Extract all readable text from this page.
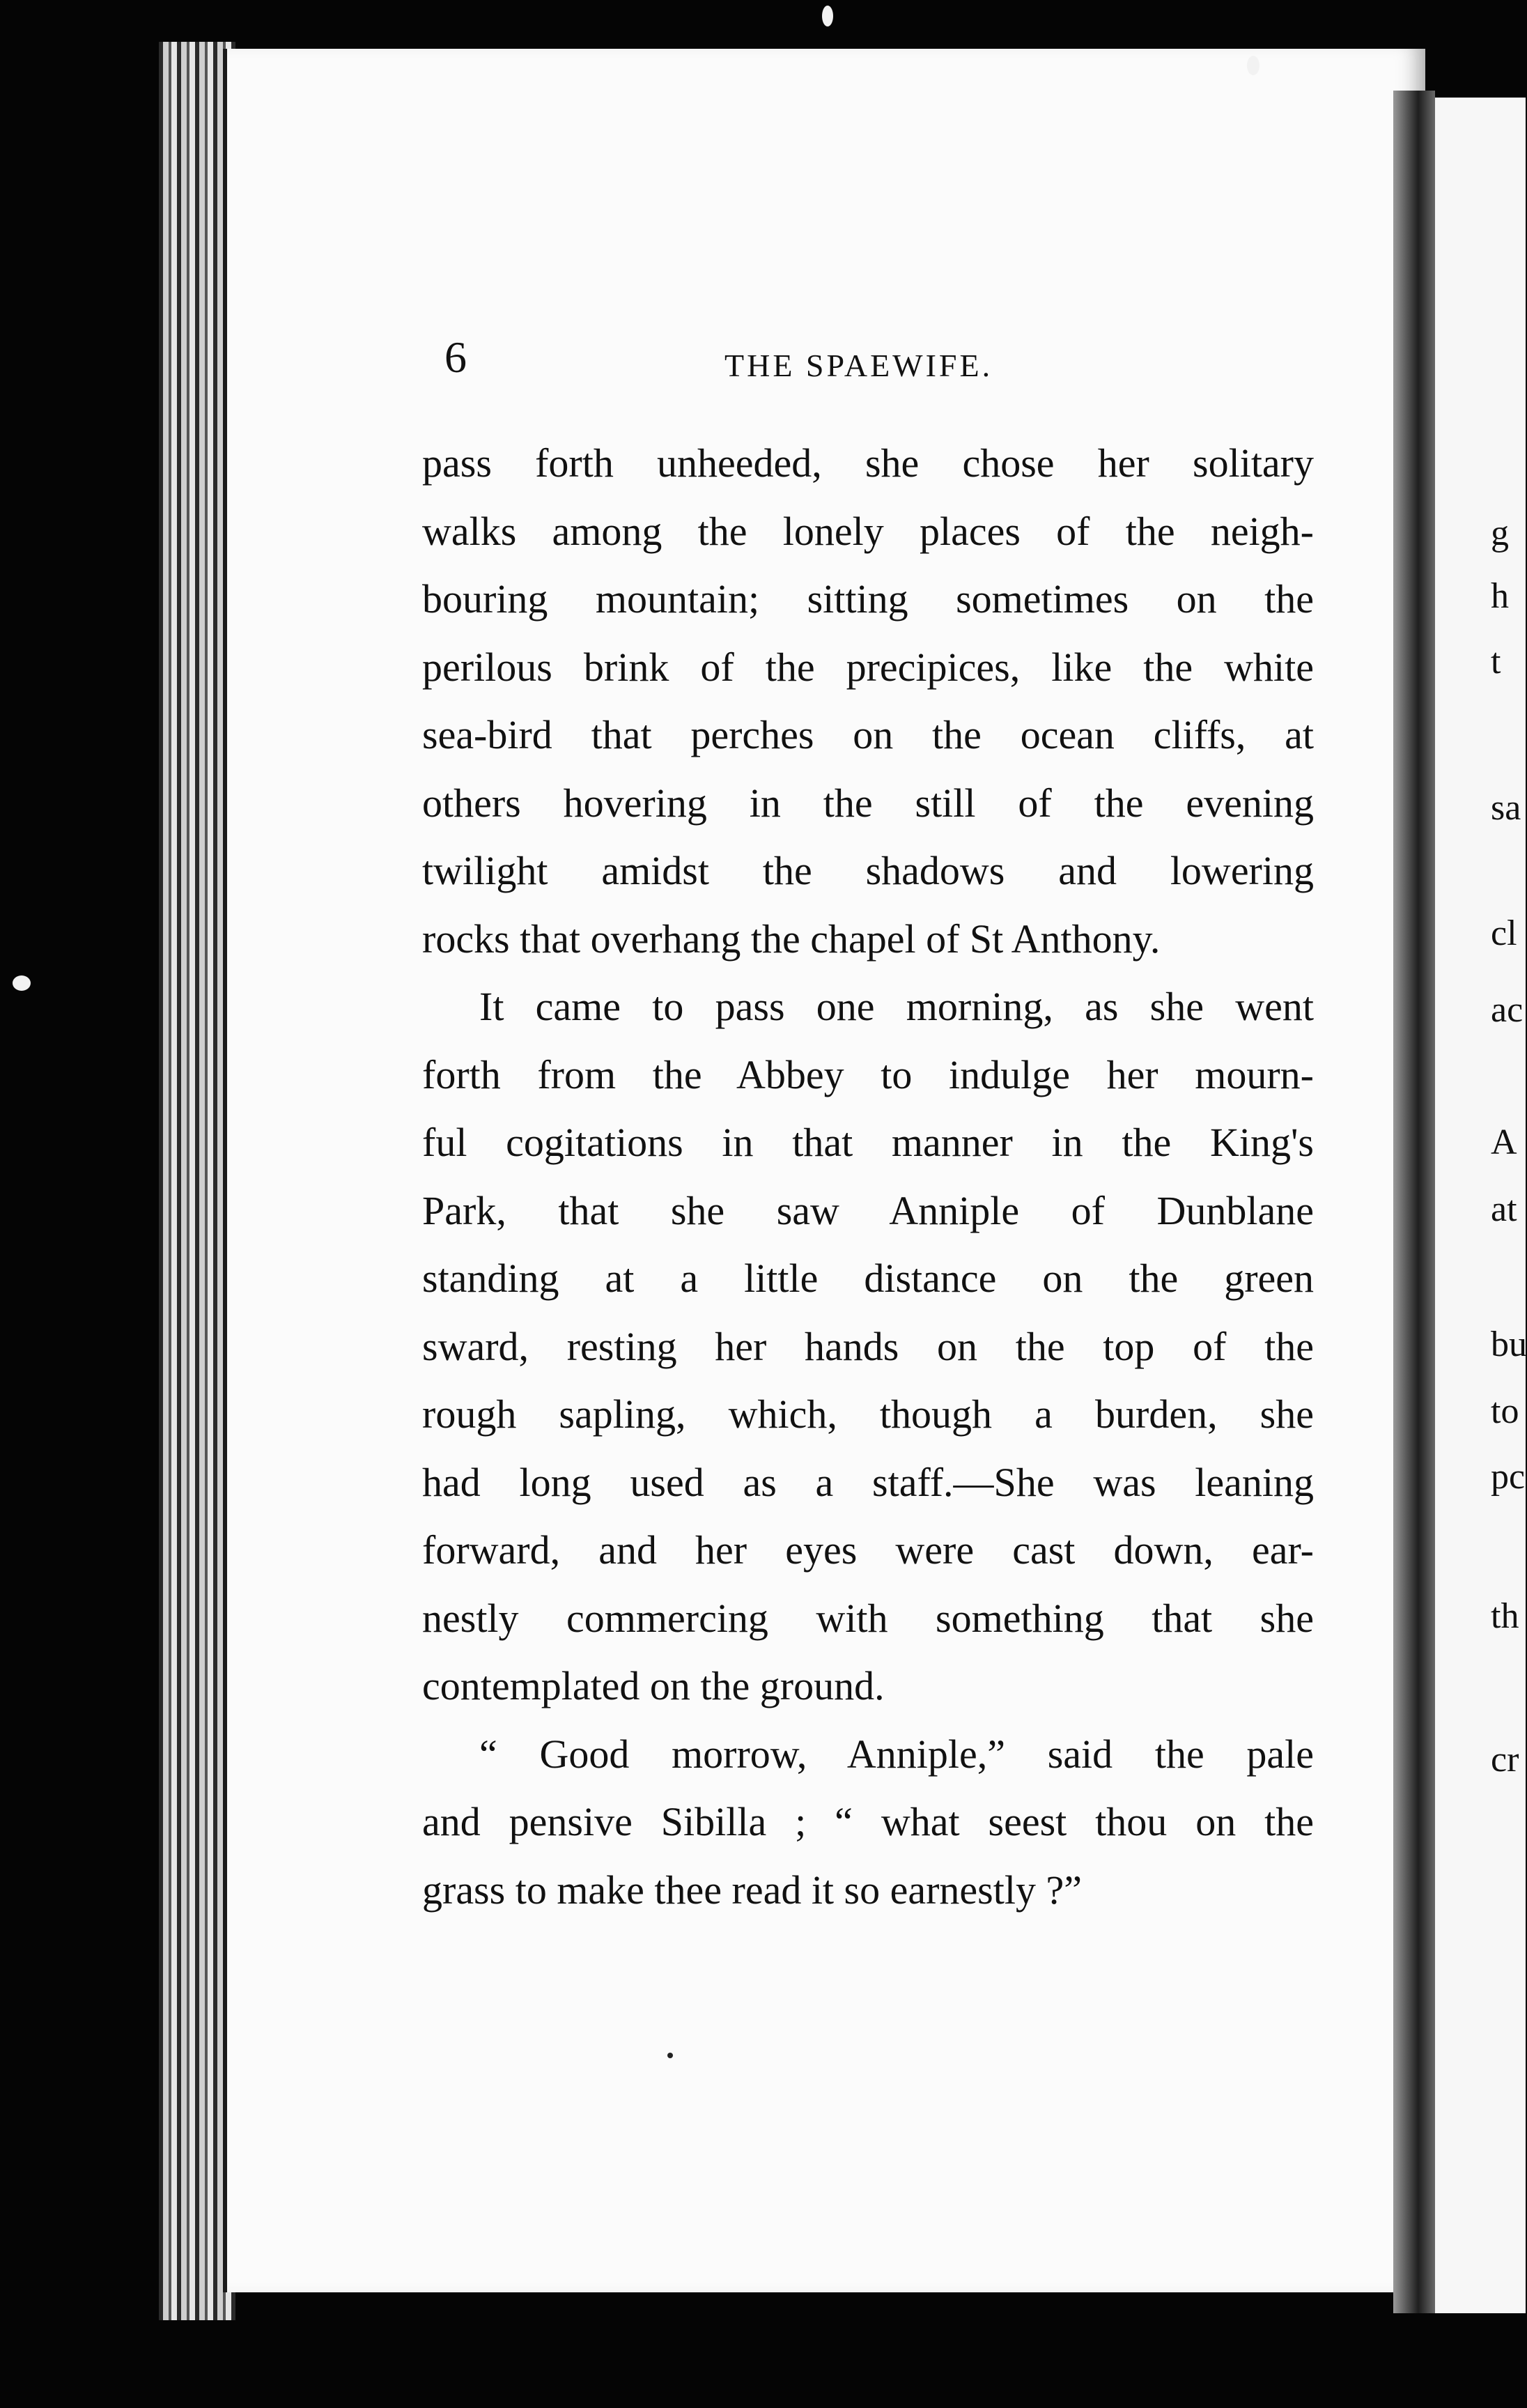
g
h
t
sa
cl
ac
A
at
bu
to
pc
th
cr
6	THE SPAEWIFE.
pass forth unheeded, she chose her solitary
walks among the lonely places of the neigh-
bouring mountain; sitting sometimes on the
perilous brink of the precipices, like the white
sea-bird that perches on the ocean cliffs, at
others hovering in the still of the evening
twilight amidst the shadows and lowering
rocks that overhang the chapel of St Anthony.
It came to pass one morning, as she went
forth from the Abbey to indulge her mourn-
ful cogitations in that manner in the King's
Park, that she saw Anniple of Dunblane
standing at a little distance on the green
sward, resting her hands on the top of the
rough sapling, which, though a burden, she
had long used as a staff.—She was leaning
forward, and her eyes were cast down, ear-
nestly commercing with something that she
contemplated on the ground.
“ Good morrow, Anniple,” said the pale
and pensive Sibilla ; “ what seest thou on the
grass to make thee read it so earnestly ?”
